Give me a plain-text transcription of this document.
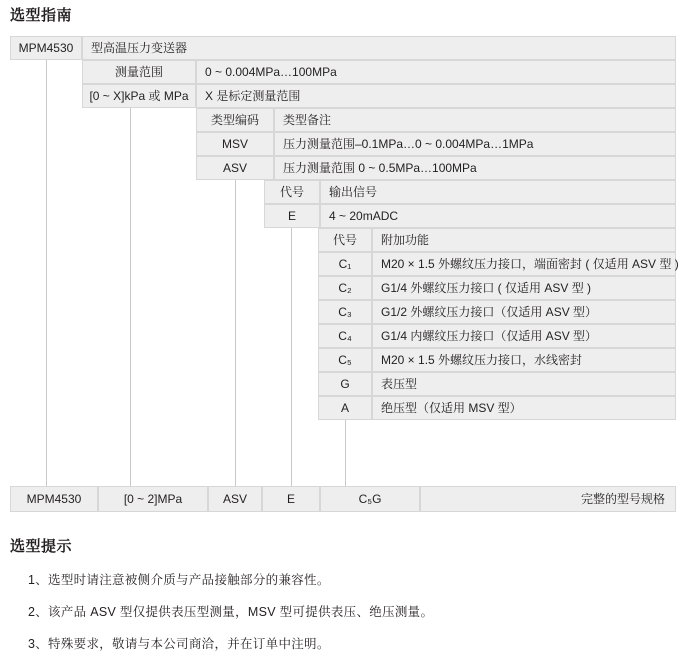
选型指南
MPM4530 型高温压力变送器
测量范围	0 ~ 0.004MPa…100MPa
[0 ~ X]kPa 或 MPa X 是标定测量范围
类型编码 类型备注
MSV	压力测量范围–0.1MPa…0 ~ 0.004MPa…1MPa
ASV	压力测量范围 0 ~ 0.5MPa…100MPa
代号 输出信号
E	4 ~ 20mADC
代号 附加功能
C₁ M20 × 1.5 外螺纹压力接口，端面密封 ( 仅适用 ASV 型 )
C₂ G1/4 外螺纹压力接口 ( 仅适用 ASV 型 )
C₃ G1/2 外螺纹压力接口（仅适用 ASV 型）
C₄ G1/4 内螺纹压力接口（仅适用 ASV 型）
C₅ M20 × 1.5 外螺纹压力接口，水线密封
G	表压型
A	绝压型（仅适用 MSV 型）
MPM4530	[0 ~ 2]MPa	ASV	E	C₅G	完整的型号规格
选型提示
1、选型时请注意被侧介质与产品接触部分的兼容性。
2、该产品 ASV 型仅提供表压型测量，MSV 型可提供表压、绝压测量。
3、特殊要求，敬请与本公司商洽，并在订单中注明。
